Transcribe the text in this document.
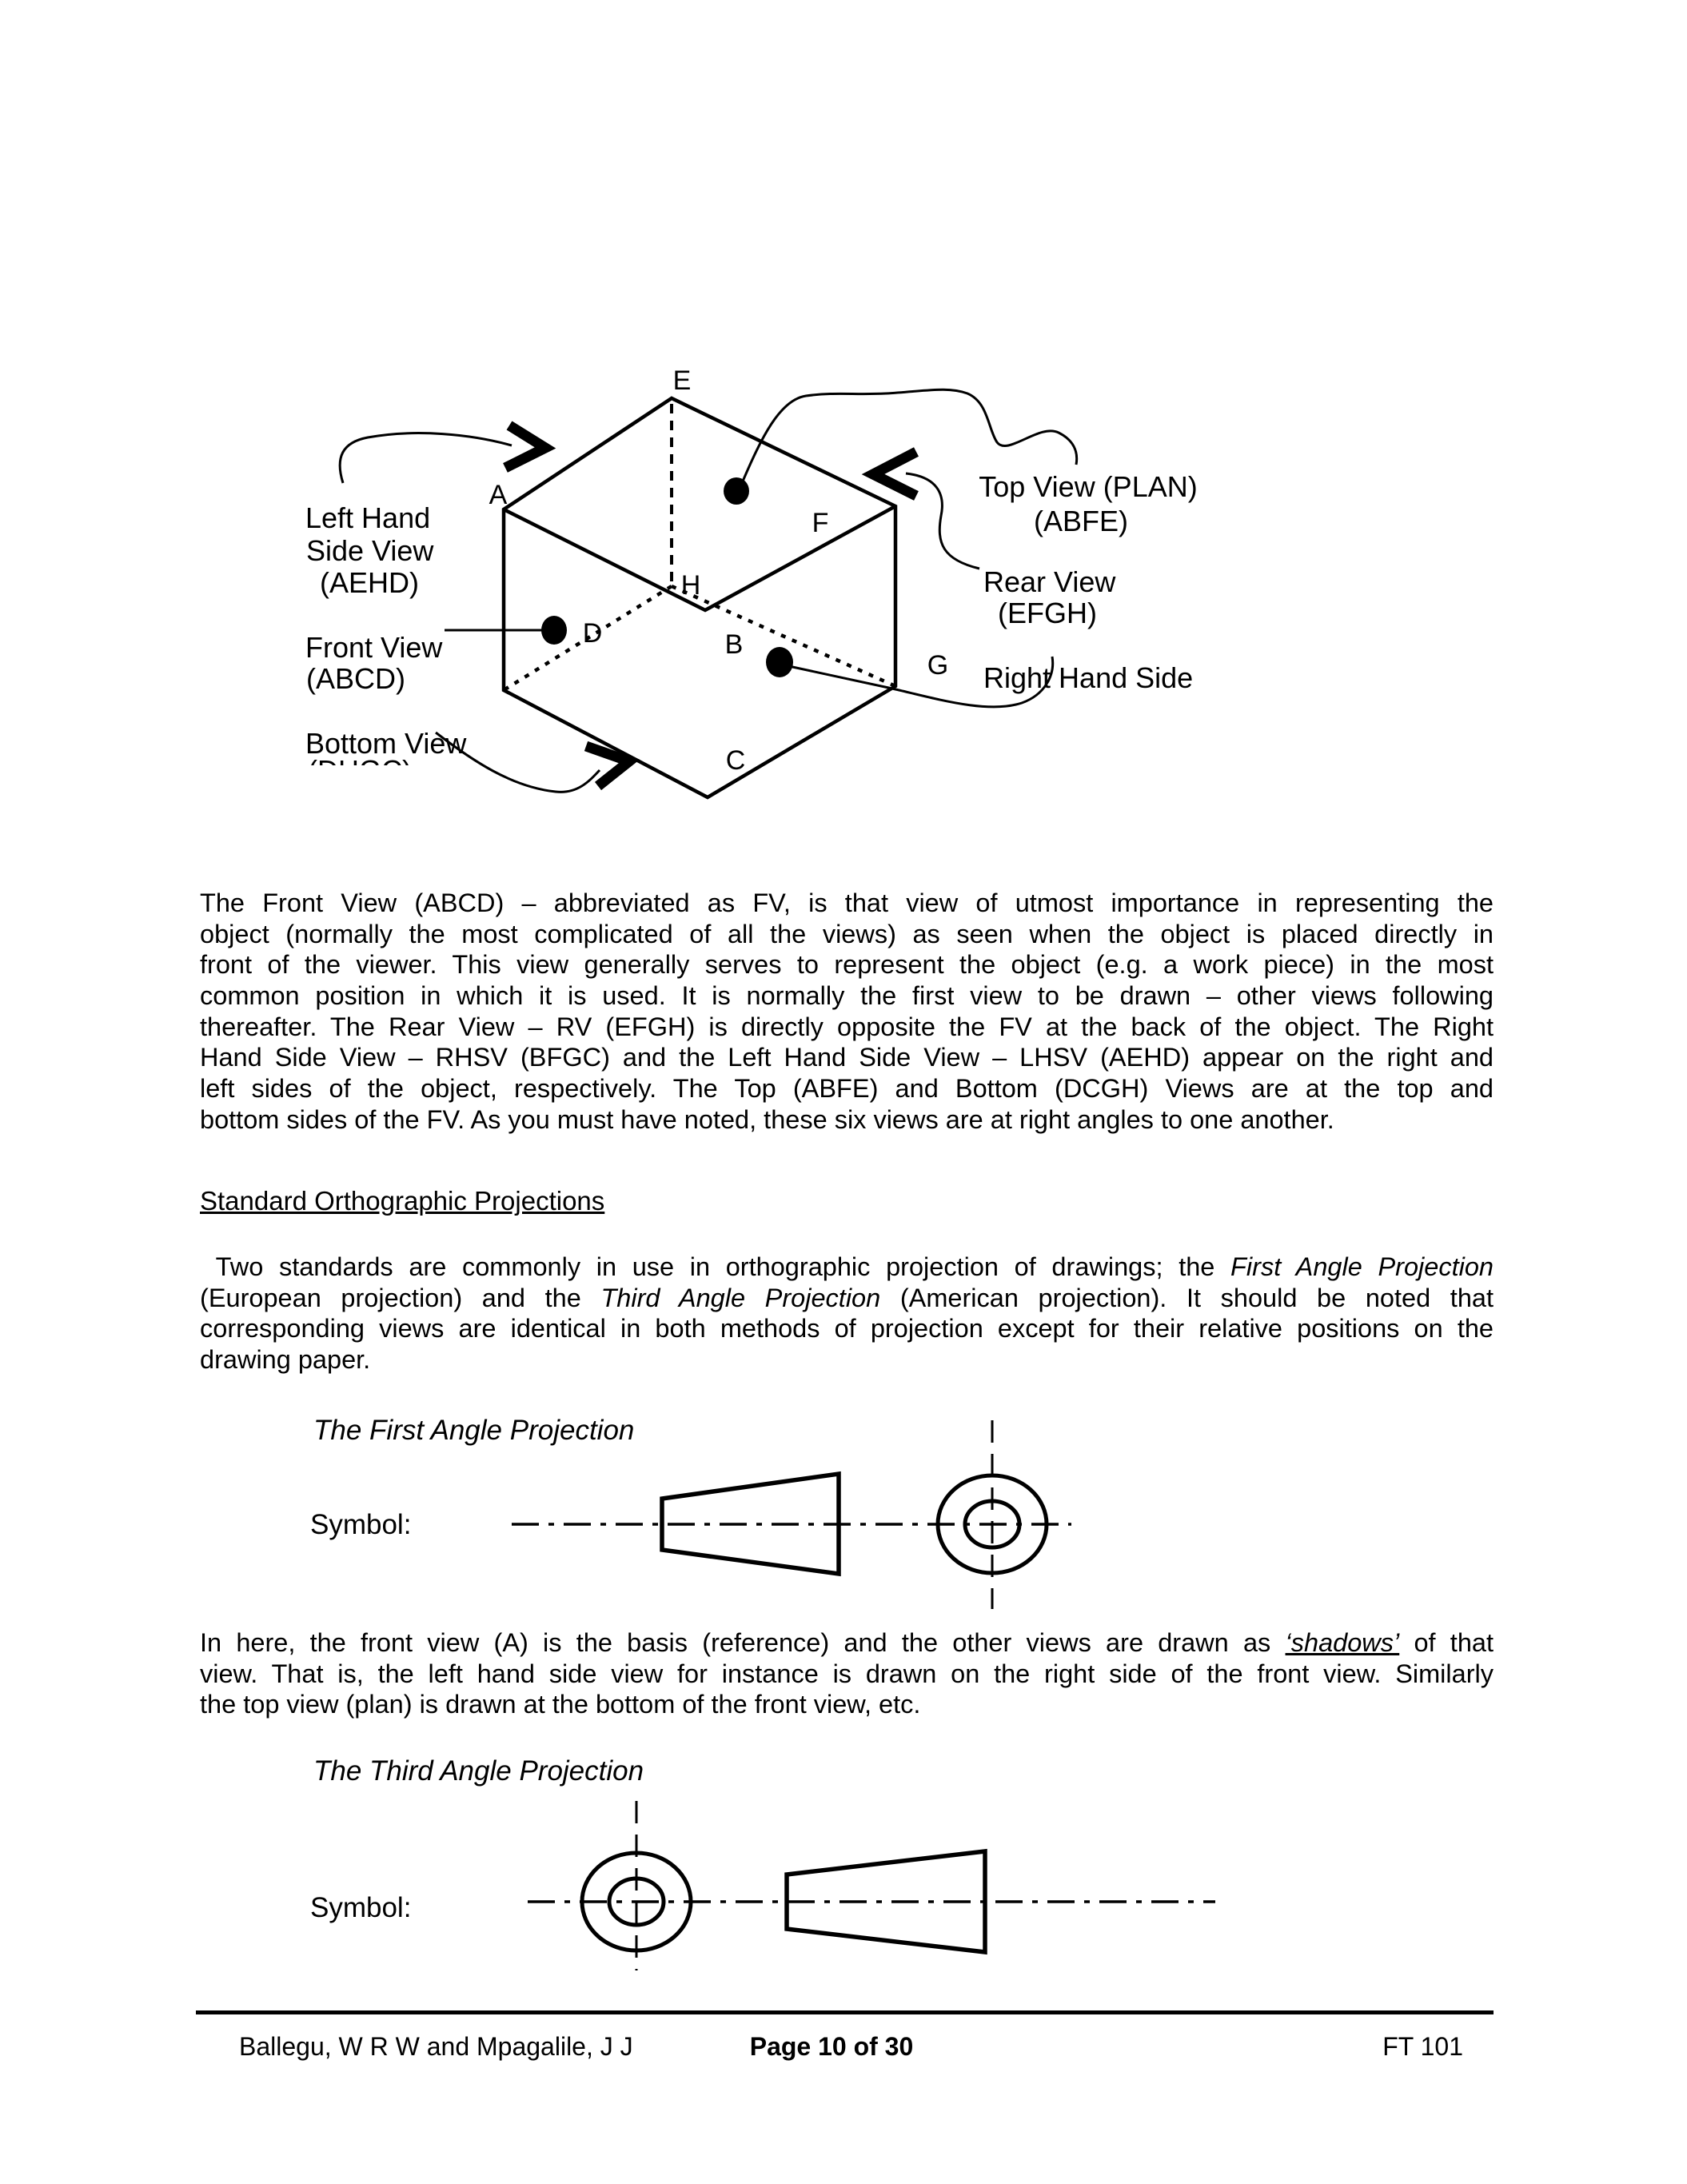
E
A
F
H
D	B
C
G
Left Hand
Side View
(AEHD)
Front View
(ABCD)
Bottom View
Top View (PLAN)
(ABFE)
Rear View
(EFGH)
Right Hand Side
The Front View (ABCD) – abbreviated as FV, is that view of utmost importance in representing the
object (normally the most complicated of all the views) as seen when the object is placed directly in
front of the viewer. This view generally serves to represent the object (e.g. a work piece) in the most
common position in which it is used. It is normally the first view to be drawn – other views following
thereafter. The Rear View – RV (EFGH) is directly opposite the FV at the back of the object. The Right
Hand Side View – RHSV (BFGC) and the Left Hand Side View – LHSV (AEHD) appear on the right and
left sides of the object, respectively. The Top (ABFE) and Bottom (DCGH) Views are at the top and
bottom sides of the FV. As you must have noted, these six views are at right angles to one another.
Standard Orthographic Projections
Two standards are commonly in use in orthographic projection of drawings; the First Angle Projection
(European projection) and the Third Angle Projection (American projection). It should be noted that
corresponding views are identical in both methods of projection except for their relative positions on the
drawing paper.
The First Angle Projection
Symbol:
In here, the front view (A) is the basis (reference) and the other views are drawn as ‘shadows’ of that
view. That is, the left hand side view for instance is drawn on the right side of the front view. Similarly
the top view (plan) is drawn at the bottom of the front view, etc.
The Third Angle Projection
Symbol:
Ballegu, W R W and Mpagalile, J J	Page 10 of 30	FT 101
